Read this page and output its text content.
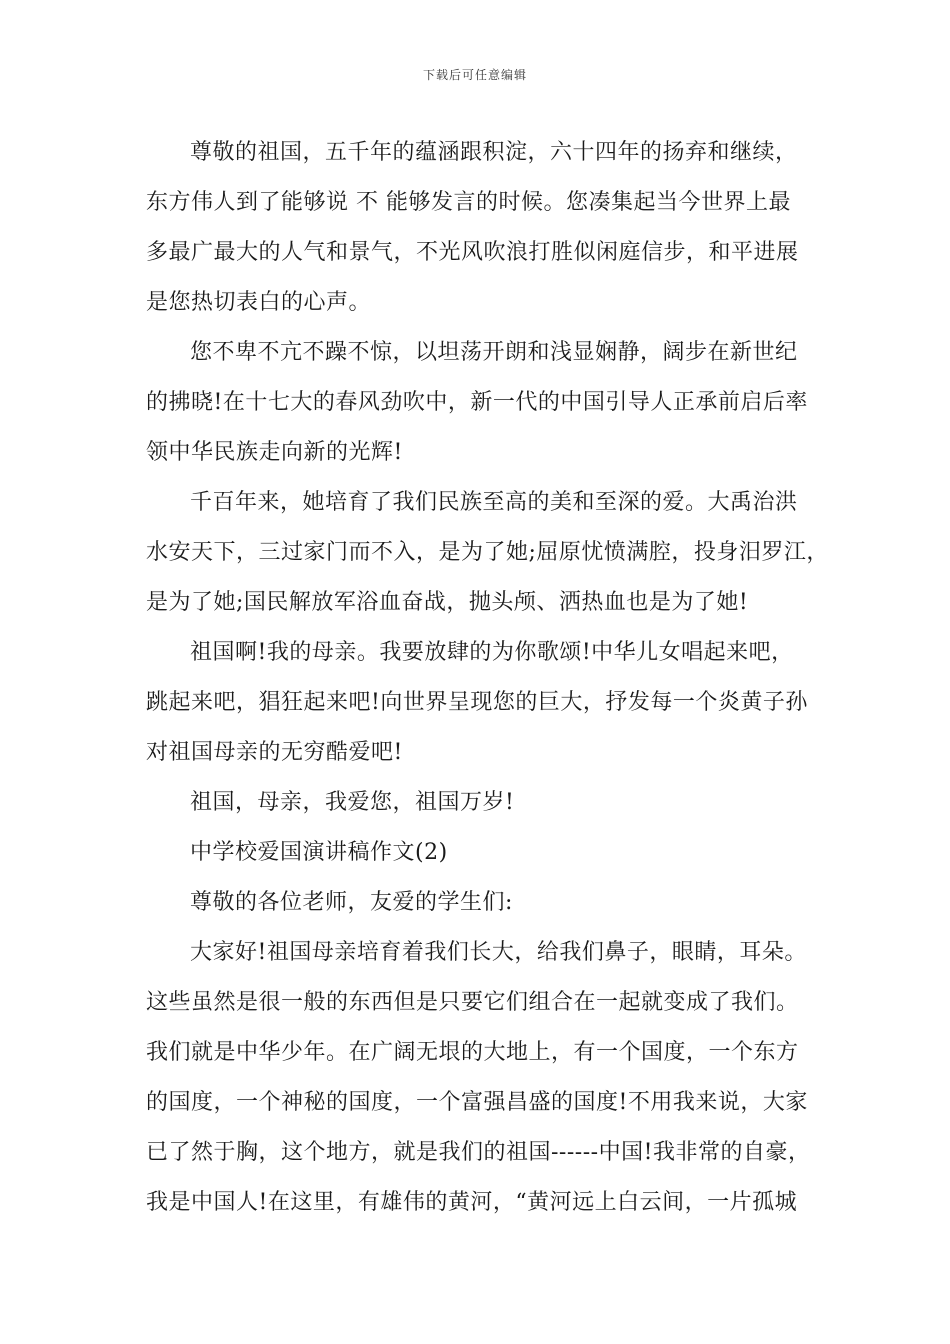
下载后可任意编辑
尊敬的祖国，五千年的蕴涵跟积淀，六十四年的扬弃和继续，
东方伟人到了能够说 不 能够发言的时候。您凑集起当今世界上最
多最广最大的人气和景气，不光风吹浪打胜似闲庭信步，和平进展
是您热切表白的心声。
您不卑不亢不躁不惊，以坦荡开朗和浅显娴静，阔步在新世纪
的拂晓!在十七大的春风劲吹中，新一代的中国引导人正承前启后率
领中华民族走向新的光辉!
千百年来，她培育了我们民族至高的美和至深的爱。大禹治洪
水安天下，三过家门而不入，是为了她;屈原忧愤满腔，投身汨罗江，
是为了她;国民解放军浴血奋战，抛头颅、洒热血也是为了她!
祖国啊!我的母亲。我要放肆的为你歌颂!中华儿女唱起来吧，
跳起来吧，猖狂起来吧!向世界呈现您的巨大，抒发每一个炎黄子孙
对祖国母亲的无穷酷爱吧!
祖国，母亲，我爱您，祖国万岁!
中学校爱国演讲稿作文(2)
尊敬的各位老师，友爱的学生们:
大家好!祖国母亲培育着我们长大，给我们鼻子，眼睛，耳朵。
这些虽然是很一般的东西但是只要它们组合在一起就变成了我们。
我们就是中华少年。在广阔无垠的大地上，有一个国度，一个东方
的国度，一个神秘的国度，一个富强昌盛的国度!不用我来说，大家
已了然于胸，这个地方，就是我们的祖国------中国!我非常的自豪，
我是中国人!在这里，有雄伟的黄河，“黄河远上白云间，一片孤城
